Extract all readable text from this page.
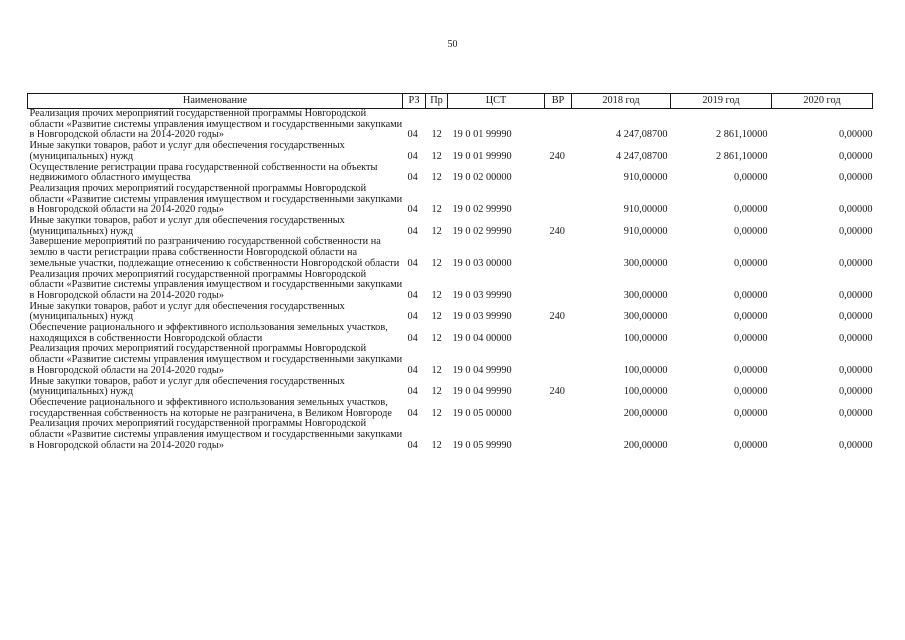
50
Наименование	РЗ	Пр	ЦСТ	ВР	2018 год	2019 год	2020 год
Реализация прочих мероприятий государственной программы Новгородской области «Развитие системы управления имуществом и государственными закупками в Новгородской области на 2014-2020 годы»	04	12	19 0 01 99990		4 247,08700	2 861,10000	0,00000
Иные закупки товаров, работ и услуг для обеспечения государственных (муниципальных) нужд	04	12	19 0 01 99990	240	4 247,08700	2 861,10000	0,00000
Осуществление регистрации права государственной собственности на объекты недвижимого областного имущества	04	12	19 0 02 00000		910,00000	0,00000	0,00000
Реализация прочих мероприятий государственной программы Новгородской области «Развитие системы управления имуществом и государственными закупками в Новгородской области на 2014-2020 годы»	04	12	19 0 02 99990		910,00000	0,00000	0,00000
Иные закупки товаров, работ и услуг для обеспечения государственных (муниципальных) нужд	04	12	19 0 02 99990	240	910,00000	0,00000	0,00000
Завершение мероприятий по разграничению государственной собственности на землю в части регистрации права собственности Новгородской области на земельные участки, подлежащие отнесению к собственности Новгородской области	04	12	19 0 03 00000		300,00000	0,00000	0,00000
Реализация прочих мероприятий государственной программы Новгородской области «Развитие системы управления имуществом и государственными закупками в Новгородской области на 2014-2020 годы»	04	12	19 0 03 99990		300,00000	0,00000	0,00000
Иные закупки товаров, работ и услуг для обеспечения государственных (муниципальных) нужд	04	12	19 0 03 99990	240	300,00000	0,00000	0,00000
Обеспечение рационального и эффективного использования земельных участков, находящихся в собственности Новгородской области	04	12	19 0 04 00000		100,00000	0,00000	0,00000
Реализация прочих мероприятий государственной программы Новгородской области «Развитие системы управления имуществом и государственными закупками в Новгородской области на 2014-2020 годы»	04	12	19 0 04 99990		100,00000	0,00000	0,00000
Иные закупки товаров, работ и услуг для обеспечения государственных (муниципальных) нужд	04	12	19 0 04 99990	240	100,00000	0,00000	0,00000
Обеспечение рационального и эффективного использования земельных участков, государственная собственность на которые не разграничена, в Великом Новгороде	04	12	19 0 05 00000		200,00000	0,00000	0,00000
Реализация прочих мероприятий государственной программы Новгородской области «Развитие системы управления имуществом и государственными закупками в Новгородской области на 2014-2020 годы»	04	12	19 0 05 99990		200,00000	0,00000	0,00000
